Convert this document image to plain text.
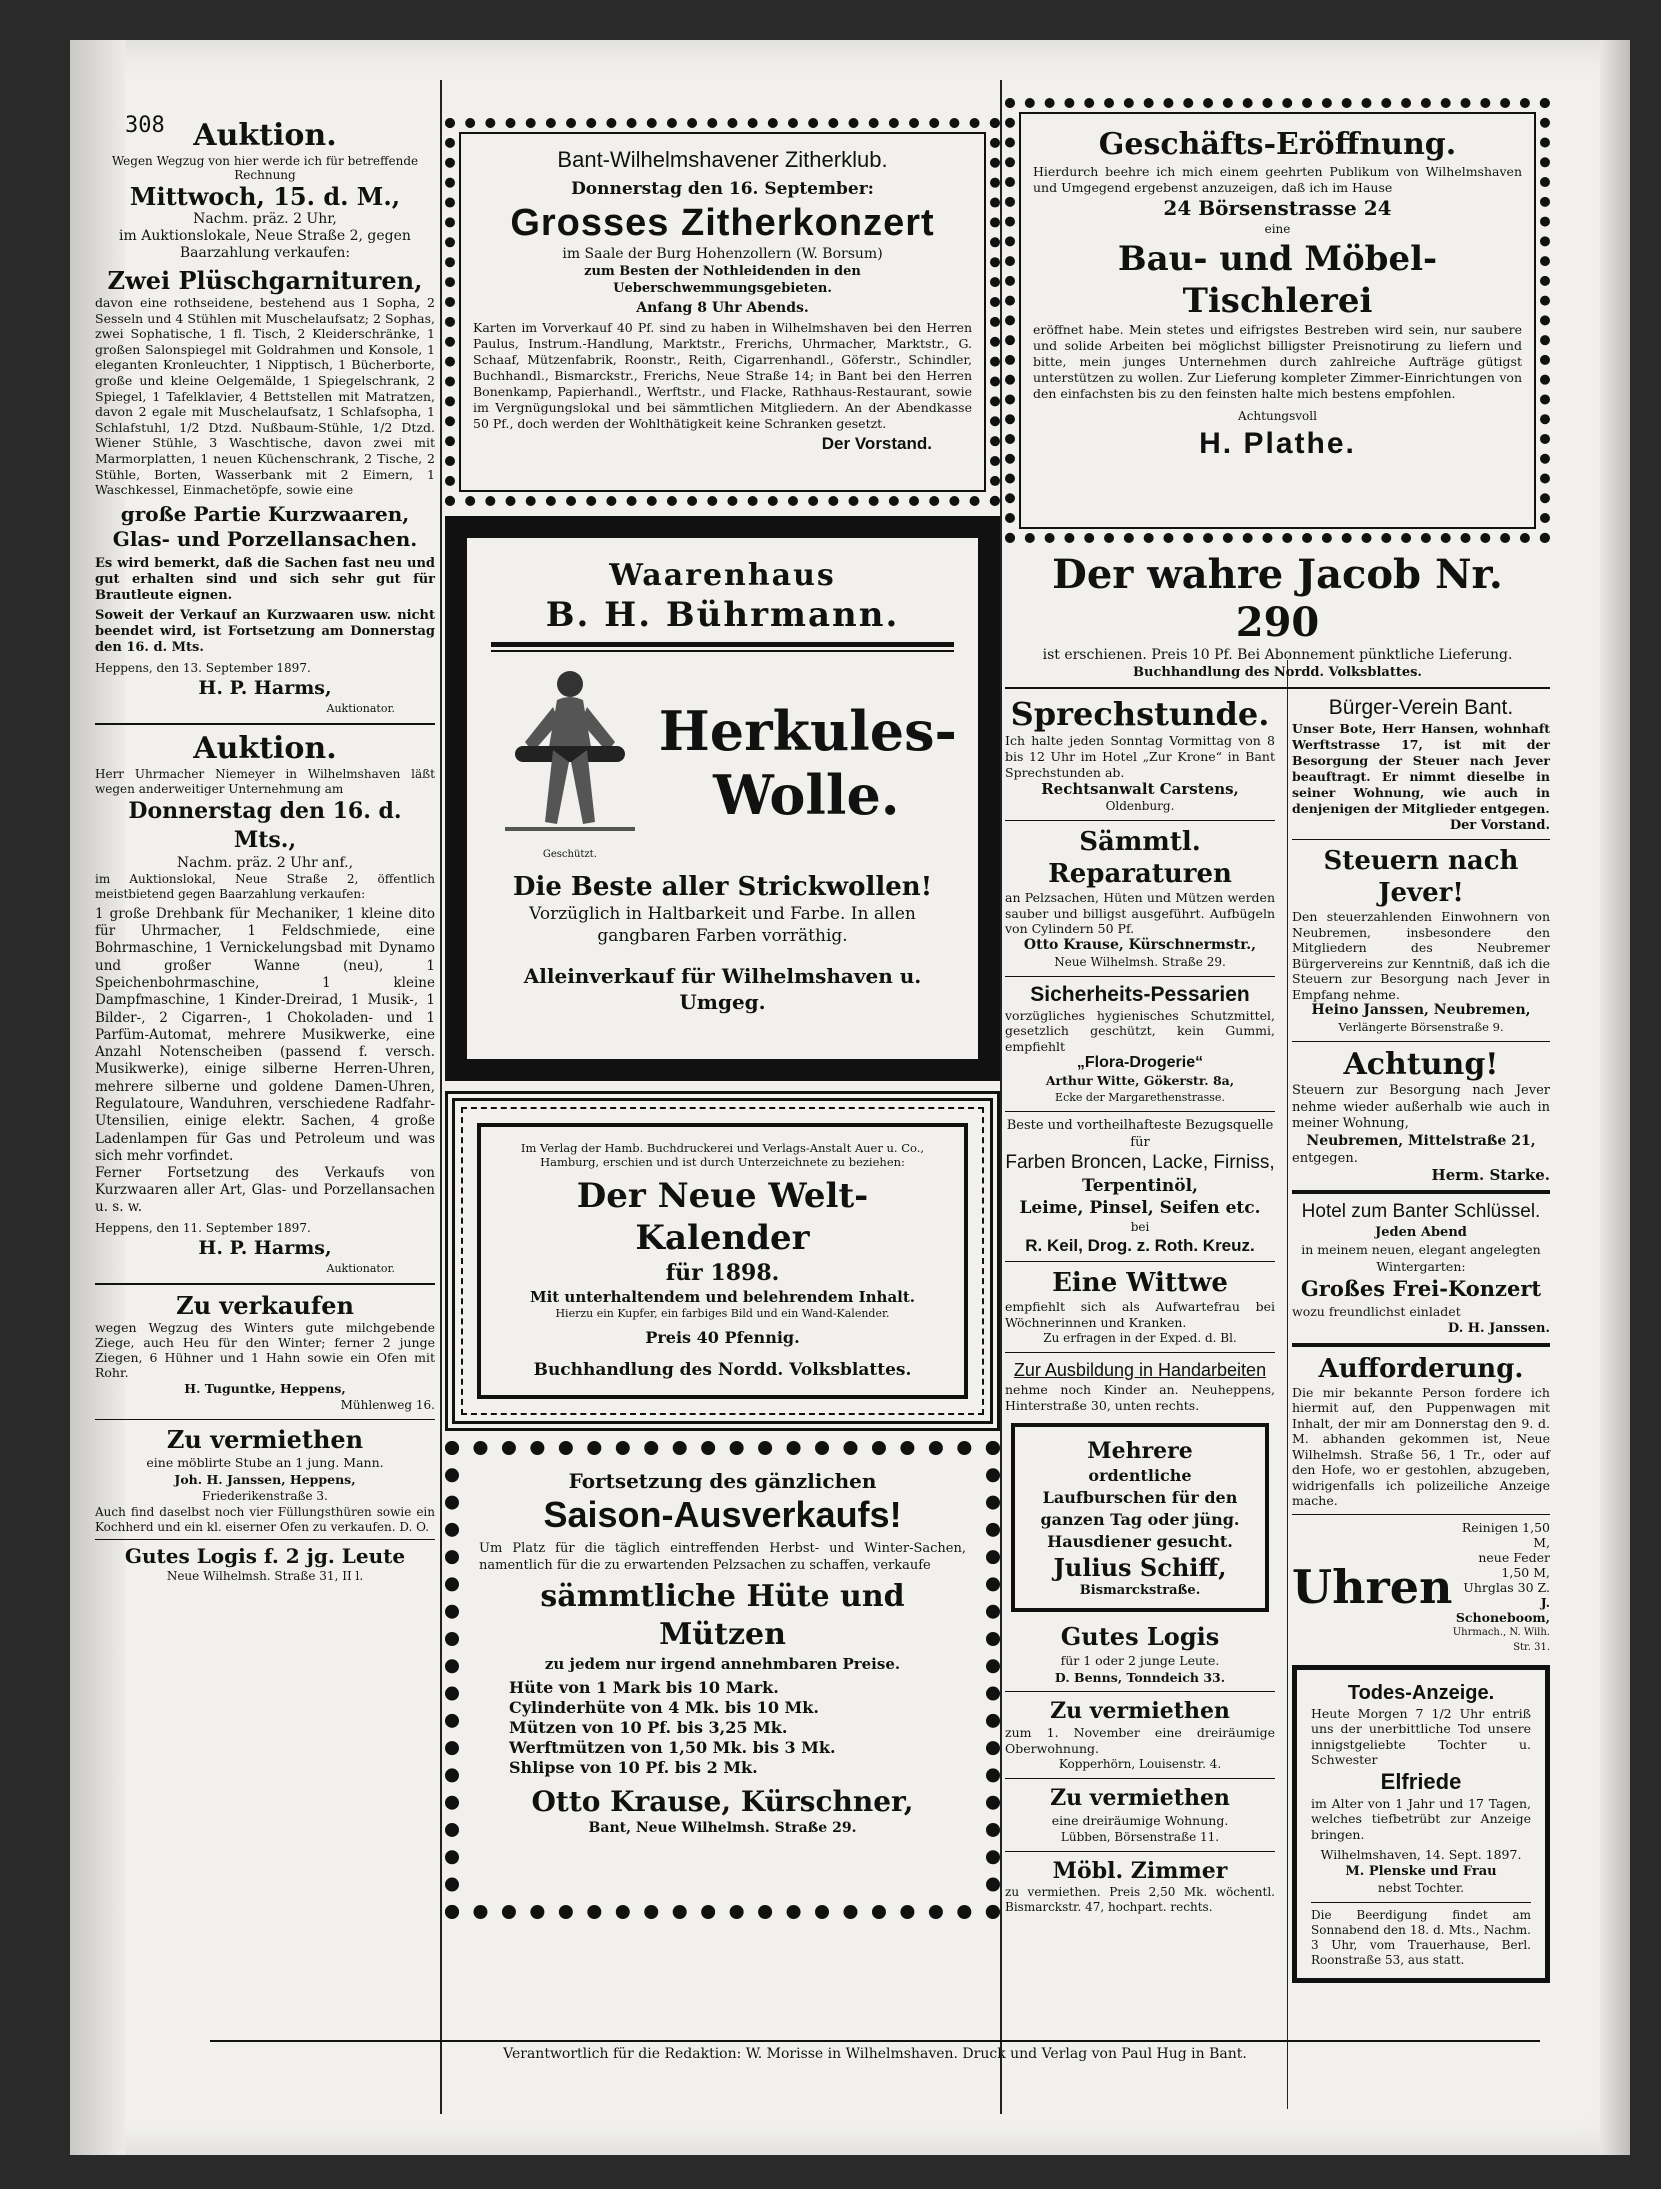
308 Auktion.

Wegen Wegzug von hier werde ich für betreffende Rechnung

Mittwoch, 15. d. M.,

Nachm. präz. 2 Uhr,

im Auktionslokale, Neue Straße 2, gegen Baarzahlung verkaufen:

Zwei Plüschgarnituren,

davon eine rothseidene, bestehend aus 1 Sopha, 2 Sesseln und 4 Stühlen mit Muschelaufsatz; 2 Sophas, zwei Sophatische, 1 fl. Tisch, 2 Kleiderschränke, 1 großen Salonspiegel mit Goldrahmen und Konsole, 1 eleganten Kronleuchter, 1 Nipptisch, 1 Bücherborte, große und kleine Oelgemälde, 1 Spiegelschrank, 2 Spiegel, 1 Tafelklavier, 4 Bettstellen mit Matratzen, davon 2 egale mit Muschelaufsatz, 1 Schlafsopha, 1 Schlafstuhl, 1/2 Dtzd. Nußbaum-Stühle, 1/2 Dtzd. Wiener Stühle, 3 Waschtische, davon zwei mit Marmorplatten, 1 neuen Küchenschrank, 2 Tische, 2 Stühle, Borten, Wasserbank mit 2 Eimern, 1 Waschkessel, Einmachetöpfe, sowie eine

große Partie Kurzwaaren, Glas- und Porzellansachen.

Es wird bemerkt, daß die Sachen fast neu und gut erhalten sind und sich sehr gut für Brautleute eignen.

Soweit der Verkauf an Kurzwaaren usw. nicht beendet wird, ist Fortsetzung am Donnerstag den 16. d. Mts.

Heppens, den 13. September 1897.

H. P. Harms,

Auktionator.

Auktion.

Herr Uhrmacher Niemeyer in Wilhelmshaven läßt wegen anderweitiger Unternehmung am

Donnerstag den 16. d. Mts.,

Nachm. präz. 2 Uhr anf.,

im Auktionslokal, Neue Straße 2, öffentlich meistbietend gegen Baarzahlung verkaufen:

1 große Drehbank für Mechaniker, 1 kleine dito für Uhrmacher, 1 Feldschmiede, eine Bohrmaschine, 1 Vernickelungsbad mit Dynamo und großer Wanne (neu), 1 Speichenbohrmaschine, 1 kleine Dampfmaschine, 1 Kinder-Dreirad, 1 Musik-, 1 Bilder-, 2 Cigarren-, 1 Chokoladen- und 1 Parfüm-Automat, mehrere Musikwerke, eine Anzahl Notenscheiben (passend f. versch. Musikwerke), einige silberne Herren-Uhren, mehrere silberne und goldene Damen-Uhren, Regulatoure, Wanduhren, verschiedene Radfahr-Utensilien, einige elektr. Sachen, 4 große Ladenlampen für Gas und Petroleum und was sich mehr vorfindet.

Ferner Fortsetzung des Verkaufs von Kurzwaaren aller Art, Glas- und Porzellansachen u. s. w.

Heppens, den 11. September 1897.

H. P. Harms,

Auktionator.

Zu verkaufen

wegen Wegzug des Winters gute milchgebende Ziege, auch Heu für den Winter; ferner 2 junge Ziegen, 6 Hühner und 1 Hahn sowie ein Ofen mit Rohr.

H. Tuguntke, Heppens,

Mühlenweg 16.

Zu vermiethen

eine möblirte Stube an 1 jung. Mann.

Joh. H. Janssen, Heppens,

Friederikenstraße 3.

Auch find daselbst noch vier Füllungsthüren sowie ein Kochherd und ein kl. eiserner Ofen zu verkaufen. D. O.

Gutes Logis f. 2 jg. Leute

Neue Wilhelmsh. Straße 31, II l.

Bant-Wilhelmshavener Zitherklub.

Donnerstag den 16. September:

Grosses Zitherkonzert

im Saale der Burg Hohenzollern (W. Borsum)

zum Besten der Nothleidenden in den Ueberschwemmungsgebieten.

Anfang 8 Uhr Abends.

Karten im Vorverkauf 40 Pf. sind zu haben in Wilhelmshaven bei den Herren Paulus, Instrum.-Handlung, Marktstr., Frerichs, Uhrmacher, Marktstr., G. Schaaf, Mützenfabrik, Roonstr., Reith, Cigarrenhandl., Göferstr., Schindler, Buchhandl., Bismarckstr., Frerichs, Neue Straße 14; in Bant bei den Herren Bonenkamp, Papierhandl., Werftstr., und Flacke, Rathhaus-Restaurant, sowie im Vergnügungslokal und bei sämmtlichen Mitgliedern. An der Abendkasse 50 Pf., doch werden der Wohlthätigkeit keine Schranken gesetzt.

Der Vorstand.

Waarenhaus

B. H. Bührmann.

Geschützt.

Herkules-Wolle.

Die Beste aller Strickwollen!

Vorzüglich in Haltbarkeit und Farbe. In allen gangbaren Farben vorräthig.

Alleinverkauf für Wilhelmshaven u. Umgeg.

Im Verlag der Hamb. Buchdruckerei und Verlags-Anstalt Auer u. Co., Hamburg, erschien und ist durch Unterzeichnete zu beziehen:

Der Neue Welt-Kalender

für 1898.

Mit unterhaltendem und belehrendem Inhalt.

Hierzu ein Kupfer, ein farbiges Bild und ein Wand-Kalender.

Preis 40 Pfennig.

Buchhandlung des Nordd. Volksblattes.

Fortsetzung des gänzlichen

Saison-Ausverkaufs!

Um Platz für die täglich eintreffenden Herbst- und Winter-Sachen, namentlich für die zu erwartenden Pelzsachen zu schaffen, verkaufe

sämmtliche Hüte und Mützen

zu jedem nur irgend annehmbaren Preise.

Hüte von 1 Mark bis 10 Mark.

Cylinderhüte von 4 Mk. bis 10 Mk.

Mützen von 10 Pf. bis 3,25 Mk.

Werftmützen von 1,50 Mk. bis 3 Mk.

Shlipse von 10 Pf. bis 2 Mk.

Otto Krause, Kürschner,

Bant, Neue Wilhelmsh. Straße 29.

Geschäfts-Eröffnung.

Hierdurch beehre ich mich einem geehrten Publikum von Wilhelmshaven und Umgegend ergebenst anzuzeigen, daß ich im Hause

24 Börsenstrasse 24

eine

Bau- und Möbel-Tischlerei

eröffnet habe. Mein stetes und eifrigstes Bestreben wird sein, nur saubere und solide Arbeiten bei möglichst billigster Preisnotirung zu liefern und bitte, mein junges Unternehmen durch zahlreiche Aufträge gütigst unterstützen zu wollen. Zur Lieferung kompleter Zimmer-Einrichtungen von den einfachsten bis zu den feinsten halte mich bestens empfohlen.

Achtungsvoll

H. Plathe.

Der wahre Jacob Nr. 290

ist erschienen. Preis 10 Pf. Bei Abonnement pünktliche Lieferung.

Buchhandlung des Nordd. Volksblattes.

Sprechstunde.

Ich halte jeden Sonntag Vormittag von 8 bis 12 Uhr im Hotel „Zur Krone“ in Bant Sprechstunden ab.

Rechtsanwalt Carstens,

Oldenburg.

Sämmtl. Reparaturen

an Pelzsachen, Hüten und Mützen werden sauber und billigst ausgeführt. Aufbügeln von Cylindern 50 Pf.

Otto Krause, Kürschnermstr.,

Neue Wilhelmsh. Straße 29.

Sicherheits-Pessarien

vorzügliches hygienisches Schutzmittel, gesetzlich geschützt, kein Gummi, empfiehlt

„Flora-Drogerie“

Arthur Witte, Gökerstr. 8a,

Ecke der Margarethenstrasse.

Beste und vortheilhafteste Bezugsquelle für

Farben Broncen, Lacke, Firniss,

Terpentinöl,

Leime, Pinsel, Seifen etc.

bei

R. Keil, Drog. z. Roth. Kreuz.

Eine Wittwe

empfiehlt sich als Aufwartefrau bei Wöchnerinnen und Kranken.

Zu erfragen in der Exped. d. Bl.

Zur Ausbildung in Handarbeiten

nehme noch Kinder an. Neuheppens, Hinterstraße 30, unten rechts.

Mehrere

ordentliche Laufburschen für den ganzen Tag oder jüng. Hausdiener gesucht.

Julius Schiff,

Bismarckstraße.

Gutes Logis

für 1 oder 2 junge Leute.

D. Benns, Tonndeich 33.

Zu vermiethen

zum 1. November eine dreiräumige Oberwohnung.

Kopperhörn, Louisenstr. 4.

Zu vermiethen

eine dreiräumige Wohnung.

Lübben, Börsenstraße 11.

Möbl. Zimmer

zu vermiethen. Preis 2,50 Mk. wöchentl. Bismarckstr. 47, hochpart. rechts.

Bürger-Verein Bant.

Unser Bote, Herr Hansen, wohnhaft Werftstrasse 17, ist mit der Besorgung der Steuer nach Jever beauftragt. Er nimmt dieselbe in seiner Wohnung, wie auch in denjenigen der Mitglieder entgegen.

Der Vorstand.

Steuern nach Jever!

Den steuerzahlenden Einwohnern von Neubremen, insbesondere den Mitgliedern des Neubremer Bürgervereins zur Kenntniß, daß ich die Steuern zur Besorgung nach Jever in Empfang nehme.

Heino Janssen, Neubremen,

Verlängerte Börsenstraße 9.

Achtung!

Steuern zur Besorgung nach Jever nehme wieder außerhalb wie auch in meiner Wohnung,

Neubremen, Mittelstraße 21,

entgegen.

Herm. Starke.

Hotel zum Banter Schlüssel.

Jeden Abend

in meinem neuen, elegant angelegten Wintergarten:

Großes Frei-Konzert

wozu freundlichst einladet

D. H. Janssen.

Aufforderung.

Die mir bekannte Person fordere ich hiermit auf, den Puppenwagen mit Inhalt, der mir am Donnerstag den 9. d. M. abhanden gekommen ist, Neue Wilhelmsh. Straße 56, 1 Tr., oder auf den Hofe, wo er gestohlen, abzugeben, widrigenfalls ich polizeiliche Anzeige mache.

Uhren

Reinigen 1,50 M,

neue Feder 1,50 M,

Uhrglas 30 Z.

J. Schoneboom,

Uhrmach., N. Wilh. Str. 31.

Todes-Anzeige.

Heute Morgen 7 1/2 Uhr entriß uns der unerbittliche Tod unsere innigstgeliebte Tochter u. Schwester

Elfriede

im Alter von 1 Jahr und 17 Tagen, welches tiefbetrübt zur Anzeige bringen.

Wilhelmshaven, 14. Sept. 1897.

M. Plenske und Frau

nebst Tochter.

Die Beerdigung findet am Sonnabend den 18. d. Mts., Nachm. 3 Uhr, vom Trauerhause, Berl. Roonstraße 53, aus statt.

Verantwortlich für die Redaktion: W. Morisse in Wilhelmshaven. Druck und Verlag von Paul Hug in Bant.
